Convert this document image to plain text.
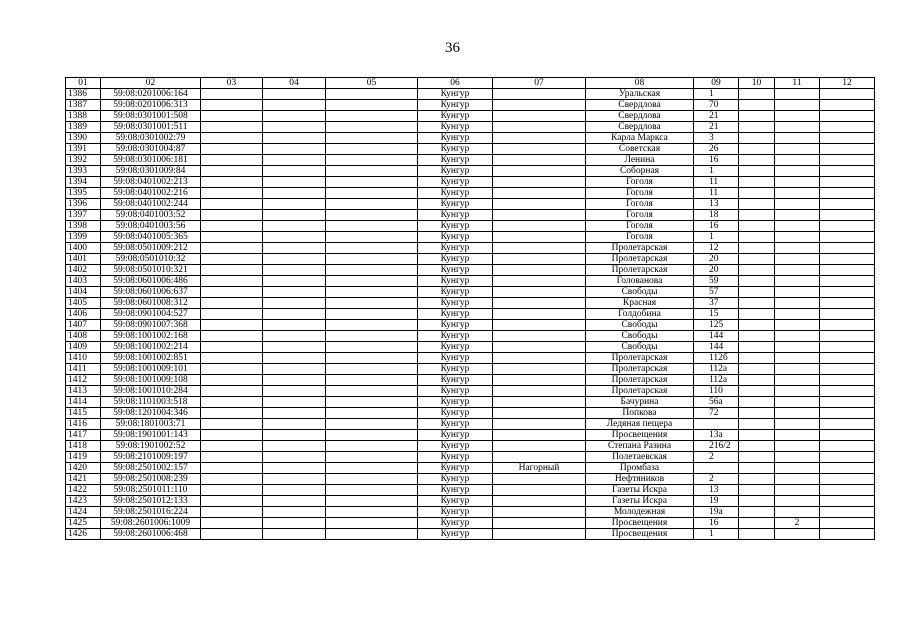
36
01	02	03	04	05	06	07	08	09	10	11	12
1386	59:08:0201006:164				Кунгур		Уральская	1			
1387	59:08:0201006:313				Кунгур		Свердлова	70			
1388	59:08:0301001:508				Кунгур		Свердлова	21			
1389	59:08:0301001:511				Кунгур		Свердлова	21			
1390	59:08:0301002:79				Кунгур		Карла Маркса	3			
1391	59:08:0301004:87				Кунгур		Советская	26			
1392	59:08:0301006:181				Кунгур		Ленина	16			
1393	59:08:0301009:84				Кунгур		Соборная	1			
1394	59:08:0401002:213				Кунгур		Гоголя	11			
1395	59:08:0401002:216				Кунгур		Гоголя	11			
1396	59:08:0401002:244				Кунгур		Гоголя	13			
1397	59:08:0401003:52				Кунгур		Гоголя	18			
1398	59:08:0401003:56				Кунгур		Гоголя	16			
1399	59:08:0401005:365				Кунгур		Гоголя	1			
1400	59:08:0501009:212				Кунгур		Пролетарская	12			
1401	59:08:0501010:32				Кунгур		Пролетарская	20			
1402	59:08:0501010:321				Кунгур		Пролетарская	20			
1403	59:08:0601006:486				Кунгур		Голованова	59			
1404	59:08:0601006:637				Кунгур		Свободы	57			
1405	59:08:0601008:312				Кунгур		Красная	37			
1406	59:08:0901004:527				Кунгур		Голдобина	15			
1407	59:08:0901007:368				Кунгур		Свободы	125			
1408	59:08:1001002:168				Кунгур		Свободы	144			
1409	59:08:1001002:214				Кунгур		Свободы	144			
1410	59:08:1001002:851				Кунгур		Пролетарская	112б			
1411	59:08:1001009:101				Кунгур		Пролетарская	112а			
1412	59:08:1001009:108				Кунгур		Пролетарская	112а			
1413	59:08:1001010:284				Кунгур		Пролетарская	110			
1414	59:08:1101003:518				Кунгур		Бачурина	56а			
1415	59:08:1201004:346				Кунгур		Попкова	72			
1416	59:08:1801003:71				Кунгур		Ледяная пещера				
1417	59:08:1901001:143				Кунгур		Просвещения	13а			
1418	59:08:1901002:52				Кунгур		Степана Разина	216/2			
1419	59:08:2101009:197				Кунгур		Полетаевская	2			
1420	59:08:2501002:157				Кунгур	Нагорный	Промбаза				
1421	59:08:2501008:239				Кунгур		Нефтяников	2			
1422	59:08:2501011:110				Кунгур		Газеты Искра	13			
1423	59:08:2501012:133				Кунгур		Газеты Искра	19			
1424	59:08:2501016:224				Кунгур		Молодежная	19а			
1425	59:08:2601006:1009				Кунгур		Просвещения	16		2	
1426	59:08:2601006:468				Кунгур		Просвещения	1			
